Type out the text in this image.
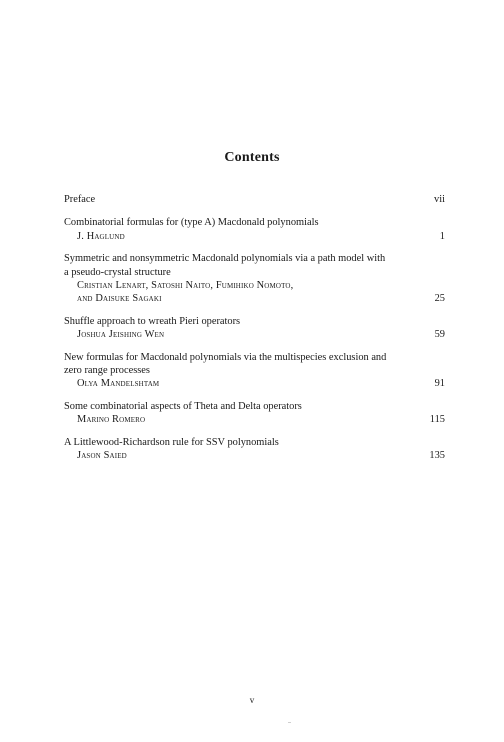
Contents
Preface	vii
Combinatorial formulas for (type A) Macdonald polynomials
J. Haglund	1
Symmetric and nonsymmetric Macdonald polynomials via a path model with
a pseudo-crystal structure
Cristian Lenart, Satoshi Naito, Fumihiko Nomoto,
and Daisuke Sagaki	25
Shuffle approach to wreath Pieri operators
Joshua Jeishing Wen	59
New formulas for Macdonald polynomials via the multispecies exclusion and
zero range processes
Olya Mandelshtam	91
Some combinatorial aspects of Theta and Delta operators
Marino Romero	115
A Littlewood-Richardson rule for SSV polynomials
Jason Saied	135
v
